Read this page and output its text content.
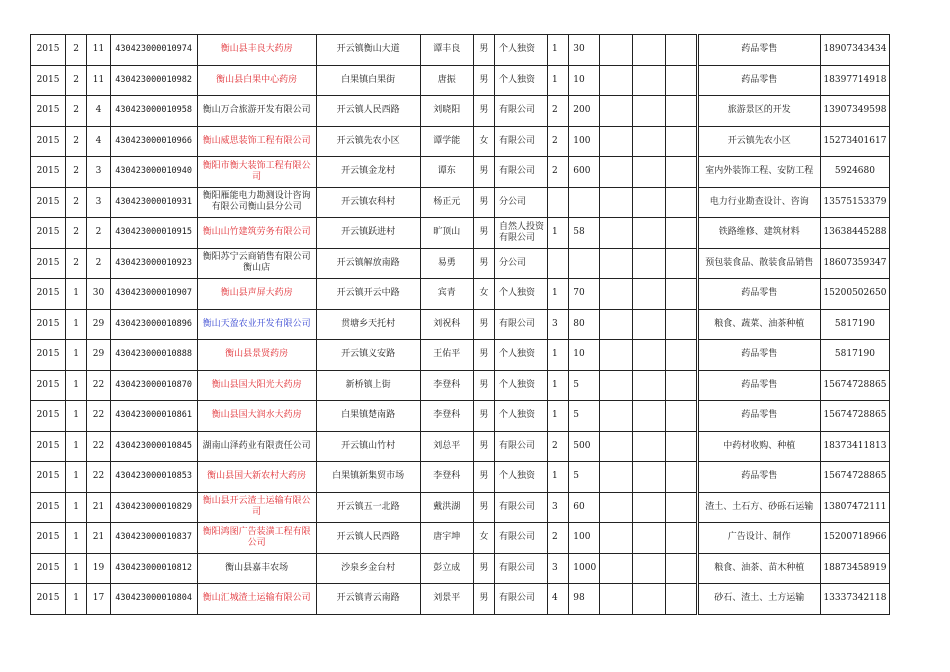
2015	2	11	430423000010974	衡山县丰良大药房	开云镇衡山大道	谭丰良	男	个人独资	1	30				药品零售	18907343434
2015	2	11	430423000010982	衡山县白果中心药房	白果镇白果街	唐振	男	个人独资	1	10				药品零售	18397714918
2015	2	4	430423000010958	衡山万合旅游开发有限公司	开云镇人民西路	刘晓阳	男	有限公司	2	200				旅游景区的开发	13907349598
2015	2	4	430423000010966	衡山威思装饰工程有限公司	开云镇先农小区	谭学能	女	有限公司	2	100				开云镇先农小区	15273401617
2015	2	3	430423000010940	衡阳市衡大装饰工程有限公司	开云镇金龙村	谭东	男	有限公司	2	600				室内外装饰工程、安防工程	5924680
2015	2	3	430423000010931	衡阳雁能电力勘测设计咨询有限公司衡山县分公司	开云镇农科村	杨正元	男	分公司						电力行业勘查设计、咨询	13575153379
2015	2	2	430423000010915	衡山山竹建筑劳务有限公司	开云镇跃进村	旷顶山	男	自然人投资有限公司	1	58				铁路维修、建筑材料	13638445288
2015	2	2	430423000010923	衡阳苏宁云商销售有限公司衡山店	开云镇解放南路	易勇	男	分公司						预包装食品、散装食品销售	18607359347
2015	1	30	430423000010907	衡山县声屏大药房	开云镇开云中路	宾青	女	个人独资	1	70				药品零售	15200502650
2015	1	29	430423000010896	衡山天盈农业开发有限公司	贯塘乡天托村	刘祝科	男	有限公司	3	80				粮食、蔬菜、油茶种植	5817190
2015	1	29	430423000010888	衡山县景贤药房	开云镇义安路	王佑平	男	个人独资	1	10				药品零售	5817190
2015	1	22	430423000010870	衡山县国大阳光大药房	新桥镇上街	李登科	男	个人独资	1	5				药品零售	15674728865
2015	1	22	430423000010861	衡山县国大润水大药房	白果镇楚南路	李登科	男	个人独资	1	5				药品零售	15674728865
2015	1	22	430423000010845	湖南山泽药业有限责任公司	开云镇山竹村	刘总平	男	有限公司	2	500				中药材收购、种植	18373411813
2015	1	22	430423000010853	衡山县国大新农村大药房	白果镇新集贸市场	李登科	男	个人独资	1	5				药品零售	15674728865
2015	1	21	430423000010829	衡山县开云渣土运输有限公司	开云镇五一北路	戴洪湖	男	有限公司	3	60				渣土、土石方、砂砾石运输	13807472111
2015	1	21	430423000010837	衡阳鸿图广告装潢工程有限公司	开云镇人民西路	唐宇坤	女	有限公司	2	100				广告设计、制作	15200718966
2015	1	19	430423000010812	衡山县嘉丰农场	沙泉乡金台村	彭立成	男	有限公司	3	1000				粮食、油茶、苗木种植	18873458919
2015	1	17	430423000010804	衡山汇城渣土运输有限公司	开云镇青云南路	刘景平	男	有限公司	4	98				砂石、渣土、土方运输	13337342118
